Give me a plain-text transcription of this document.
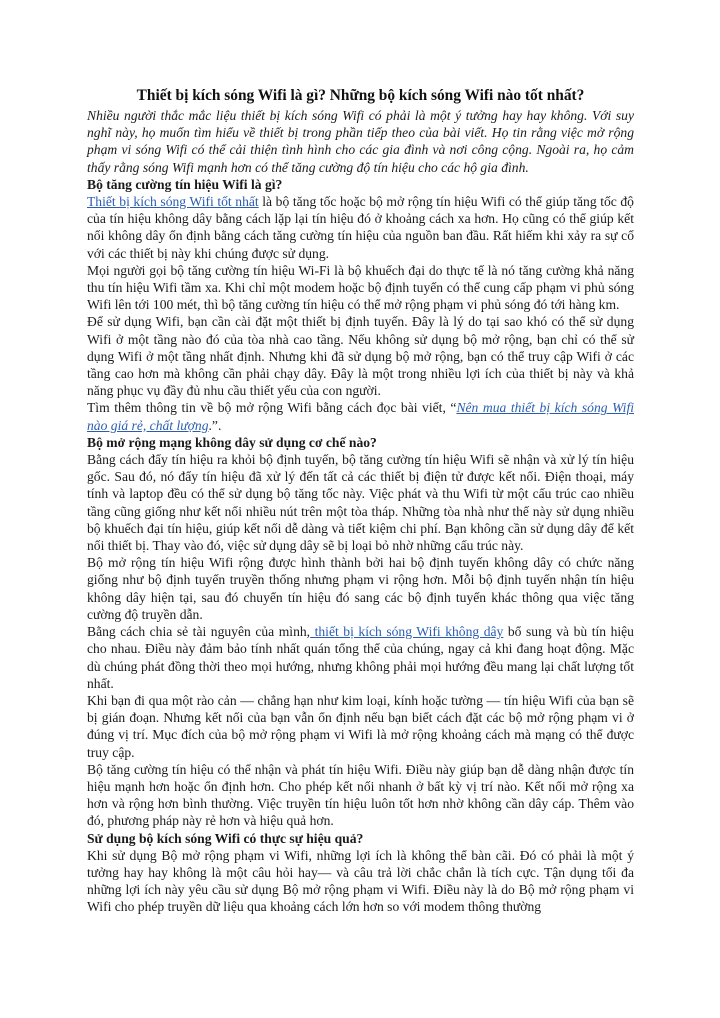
Thiết bị kích sóng Wifi là gì? Những bộ kích sóng Wifi nào tốt nhất?

Nhiều người thắc mắc liệu thiết bị kích sóng Wifi có phải là một ý tưởng hay hay không. Với suy nghĩ này, họ muốn tìm hiểu về thiết bị trong phần tiếp theo của bài viết. Họ tin rằng việc mở rộng phạm vi sóng Wifi có thể cải thiện tình hình cho các gia đình và nơi công cộng. Ngoài ra, họ cảm thấy rằng sóng Wifi mạnh hơn có thể tăng cường độ tín hiệu cho các hộ gia đình.

Bộ tăng cường tín hiệu Wifi là gì?

Thiết bị kích sóng Wifi tốt nhất là bộ tăng tốc hoặc bộ mở rộng tín hiệu Wifi có thể giúp tăng tốc độ của tín hiệu không dây bằng cách lặp lại tín hiệu đó ở khoảng cách xa hơn. Họ cũng có thể giúp kết nối không dây ổn định bằng cách tăng cường tín hiệu của nguồn ban đầu. Rất hiếm khi xảy ra sự cố với các thiết bị này khi chúng được sử dụng.

Mọi người gọi bộ tăng cường tín hiệu Wi-Fi là bộ khuếch đại do thực tế là nó tăng cường khả năng thu tín hiệu Wifi tầm xa. Khi chỉ một modem hoặc bộ định tuyến có thể cung cấp phạm vi phủ sóng Wifi lên tới 100 mét, thì bộ tăng cường tín hiệu có thể mở rộng phạm vi phủ sóng đó tới hàng km.

Để sử dụng Wifi, bạn cần cài đặt một thiết bị định tuyến. Đây là lý do tại sao khó có thể sử dụng Wifi ở một tầng nào đó của tòa nhà cao tầng. Nếu không sử dụng bộ mở rộng, bạn chỉ có thể sử dụng Wifi ở một tầng nhất định. Nhưng khi đã sử dụng bộ mở rộng, bạn có thể truy cập Wifi ở các tầng cao hơn mà không cần phải chạy dây. Đây là một trong nhiều lợi ích của thiết bị này và khả năng phục vụ đầy đủ nhu cầu thiết yếu của con người.

Tìm thêm thông tin về bộ mở rộng Wifi bằng cách đọc bài viết, “Nên mua thiết bị kích sóng Wifi nào giá rẻ, chất lượng.”.

Bộ mở rộng mạng không dây sử dụng cơ chế nào?

Bằng cách đẩy tín hiệu ra khỏi bộ định tuyến, bộ tăng cường tín hiệu Wifi sẽ nhận và xử lý tín hiệu gốc. Sau đó, nó đẩy tín hiệu đã xử lý đến tất cả các thiết bị điện tử được kết nối. Điện thoại, máy tính và laptop đều có thể sử dụng bộ tăng tốc này. Việc phát và thu Wifi từ một cấu trúc cao nhiều tầng cũng giống như kết nối nhiều nút trên một tòa tháp. Những tòa nhà như thế này sử dụng nhiều bộ khuếch đại tín hiệu, giúp kết nối dễ dàng và tiết kiệm chi phí. Bạn không cần sử dụng dây để kết nối thiết bị. Thay vào đó, việc sử dụng dây sẽ bị loại bỏ nhờ những cấu trúc này.

Bộ mở rộng tín hiệu Wifi rộng được hình thành bởi hai bộ định tuyến không dây có chức năng giống như bộ định tuyến truyền thống nhưng phạm vi rộng hơn. Mỗi bộ định tuyến nhận tín hiệu không dây hiện tại, sau đó chuyển tín hiệu đó sang các bộ định tuyến khác thông qua việc tăng cường độ truyền dẫn.

Bằng cách chia sẻ tài nguyên của mình, thiết bị kích sóng Wifi không dây bổ sung và bù tín hiệu cho nhau. Điều này đảm bảo tính nhất quán tổng thể của chúng, ngay cả khi đang hoạt động. Mặc dù chúng phát đồng thời theo mọi hướng, nhưng không phải mọi hướng đều mang lại chất lượng tốt nhất.

Khi bạn đi qua một rào cản — chẳng hạn như kim loại, kính hoặc tường — tín hiệu Wifi của bạn sẽ bị gián đoạn. Nhưng kết nối của bạn vẫn ổn định nếu bạn biết cách đặt các bộ mở rộng phạm vi ở đúng vị trí. Mục đích của bộ mở rộng phạm vi Wifi là mở rộng khoảng cách mà mạng có thể được truy cập.

Bộ tăng cường tín hiệu có thể nhận và phát tín hiệu Wifi. Điều này giúp bạn dễ dàng nhận được tín hiệu mạnh hơn hoặc ổn định hơn. Cho phép kết nối nhanh ở bất kỳ vị trí nào. Kết nối mở rộng xa hơn và rộng hơn bình thường. Việc truyền tín hiệu luôn tốt hơn nhờ không cần dây cáp. Thêm vào đó, phương pháp này rẻ hơn và hiệu quả hơn.

Sử dụng bộ kích sóng Wifi có thực sự hiệu quả?

Khi sử dụng Bộ mở rộng phạm vi Wifi, những lợi ích là không thể bàn cãi. Đó có phải là một ý tưởng hay hay không là một câu hỏi hay— và câu trả lời chắc chắn là tích cực. Tận dụng tối đa những lợi ích này yêu cầu sử dụng Bộ mở rộng phạm vi Wifi. Điều này là do Bộ mở rộng phạm vi Wifi cho phép truyền dữ liệu qua khoảng cách lớn hơn so với modem thông thường
